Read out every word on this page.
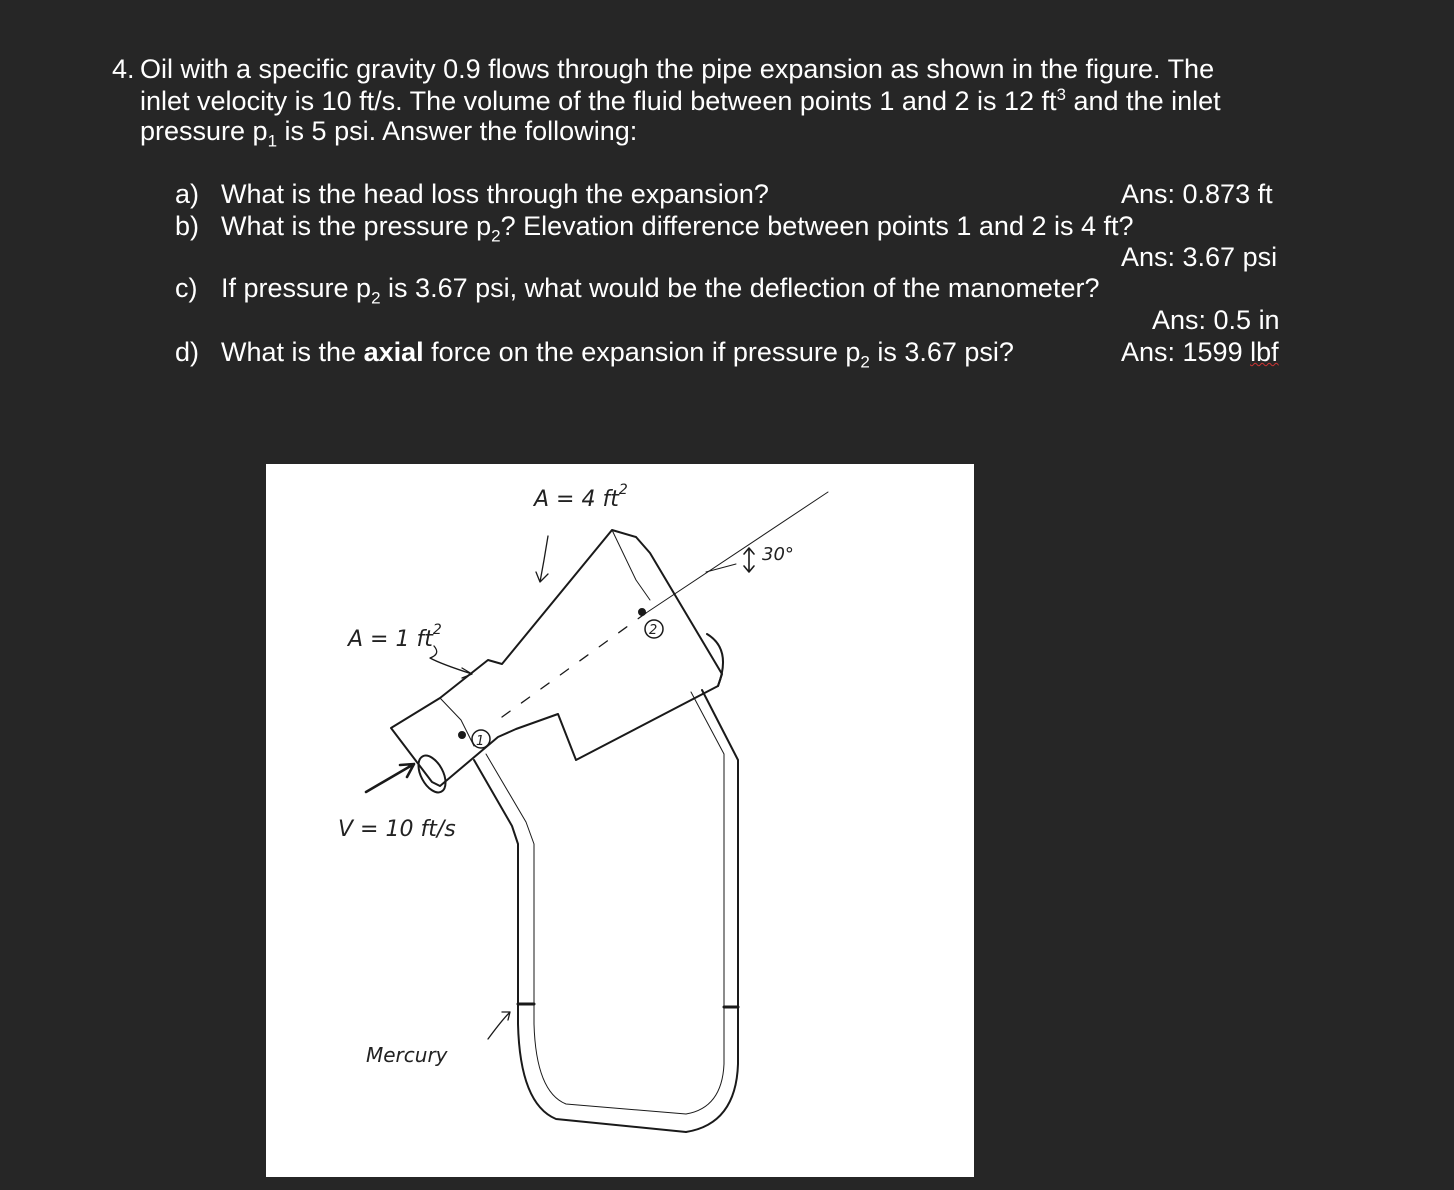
4. Oil with a specific gravity 0.9 flows through the pipe expansion as shown in the figure. The
inlet velocity is 10 ft/s. The volume of the fluid between points 1 and 2 is 12 $ft^3$ and the inlet
pressure $p_1$ is 5 psi. Answer the following:
a) What is the head loss through the expansion?	Ans: 0.873 ft
b) What is the pressure $p_2$? Elevation difference between points 1 and 2 is 4 ft?
Ans: 3.67 psi
c) If pressure $p_2$ is 3.67 psi, what would be the deflection of the manometer?
Ans: 0.5 in
d) What is the axial force on the expansion if pressure $p_2$ is 3.67 psi?	Ans: 1599 lbf
A = 4 $ft^2$
A = 1 $ft^2$
30°
V = 10 ft/s
1
2
Mercury
